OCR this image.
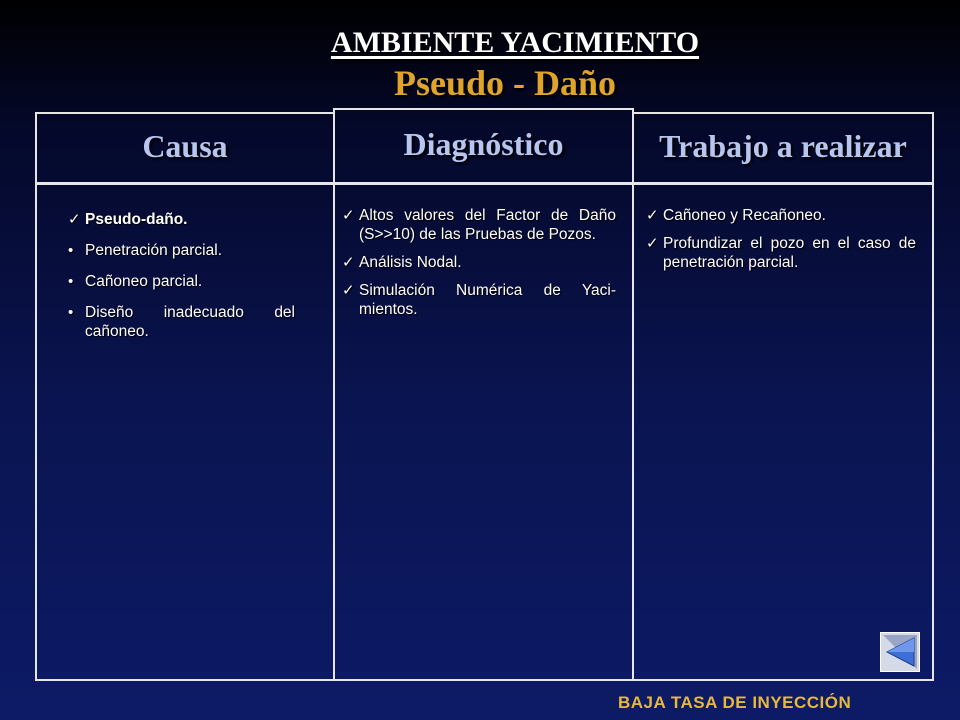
AMBIENTE YACIMIENTO
Pseudo - Daño
Causa	Diagnóstico	Trabajo a realizar
✓ Pseudo-daño.
• Penetración parcial.
• Cañoneo parcial.
• Diseño inadecuado del cañoneo.
✓ Altos valores del Factor de Daño (S>>10) de las Pruebas de Pozos.
✓ Análisis Nodal.
✓ Simulación Numérica de Yaci-mientos.
✓ Cañoneo y Recañoneo.
✓ Profundizar el pozo en el caso de penetración parcial.
BAJA TASA DE INYECCIÓN
